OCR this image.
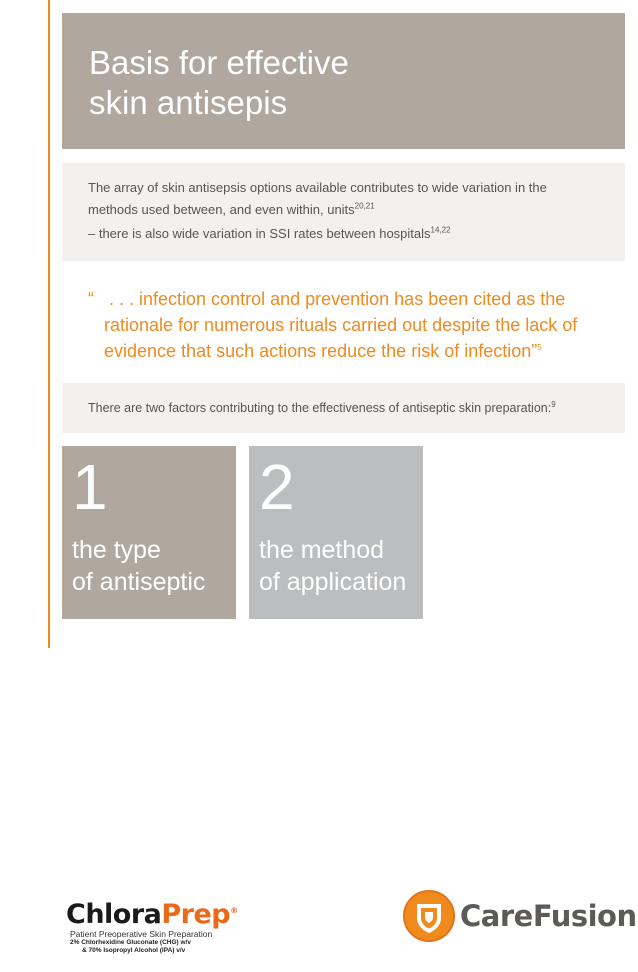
Basis for effective
skin antisepis
The array of skin antisepsis options available contributes to wide variation in the methods used between, and even within, units$^{20,21}$
– there is also wide variation in SSI rates between hospitals$^{14,22}$
“ . . . infection control and prevention has been cited as the
rationale for numerous rituals carried out despite the lack of
evidence that such actions reduce the risk of infection”$^5$
There are two factors contributing to the effectiveness of antiseptic skin preparation:$^9$
1
the type
of antiseptic
2
the method
of application
ChloraPrep®
Patient Preoperative Skin Preparation
2% Chlorhexidine Gluconate (CHG) w/v
& 70% Isopropyl Alcohol (IPA) v/v
CareFusion
